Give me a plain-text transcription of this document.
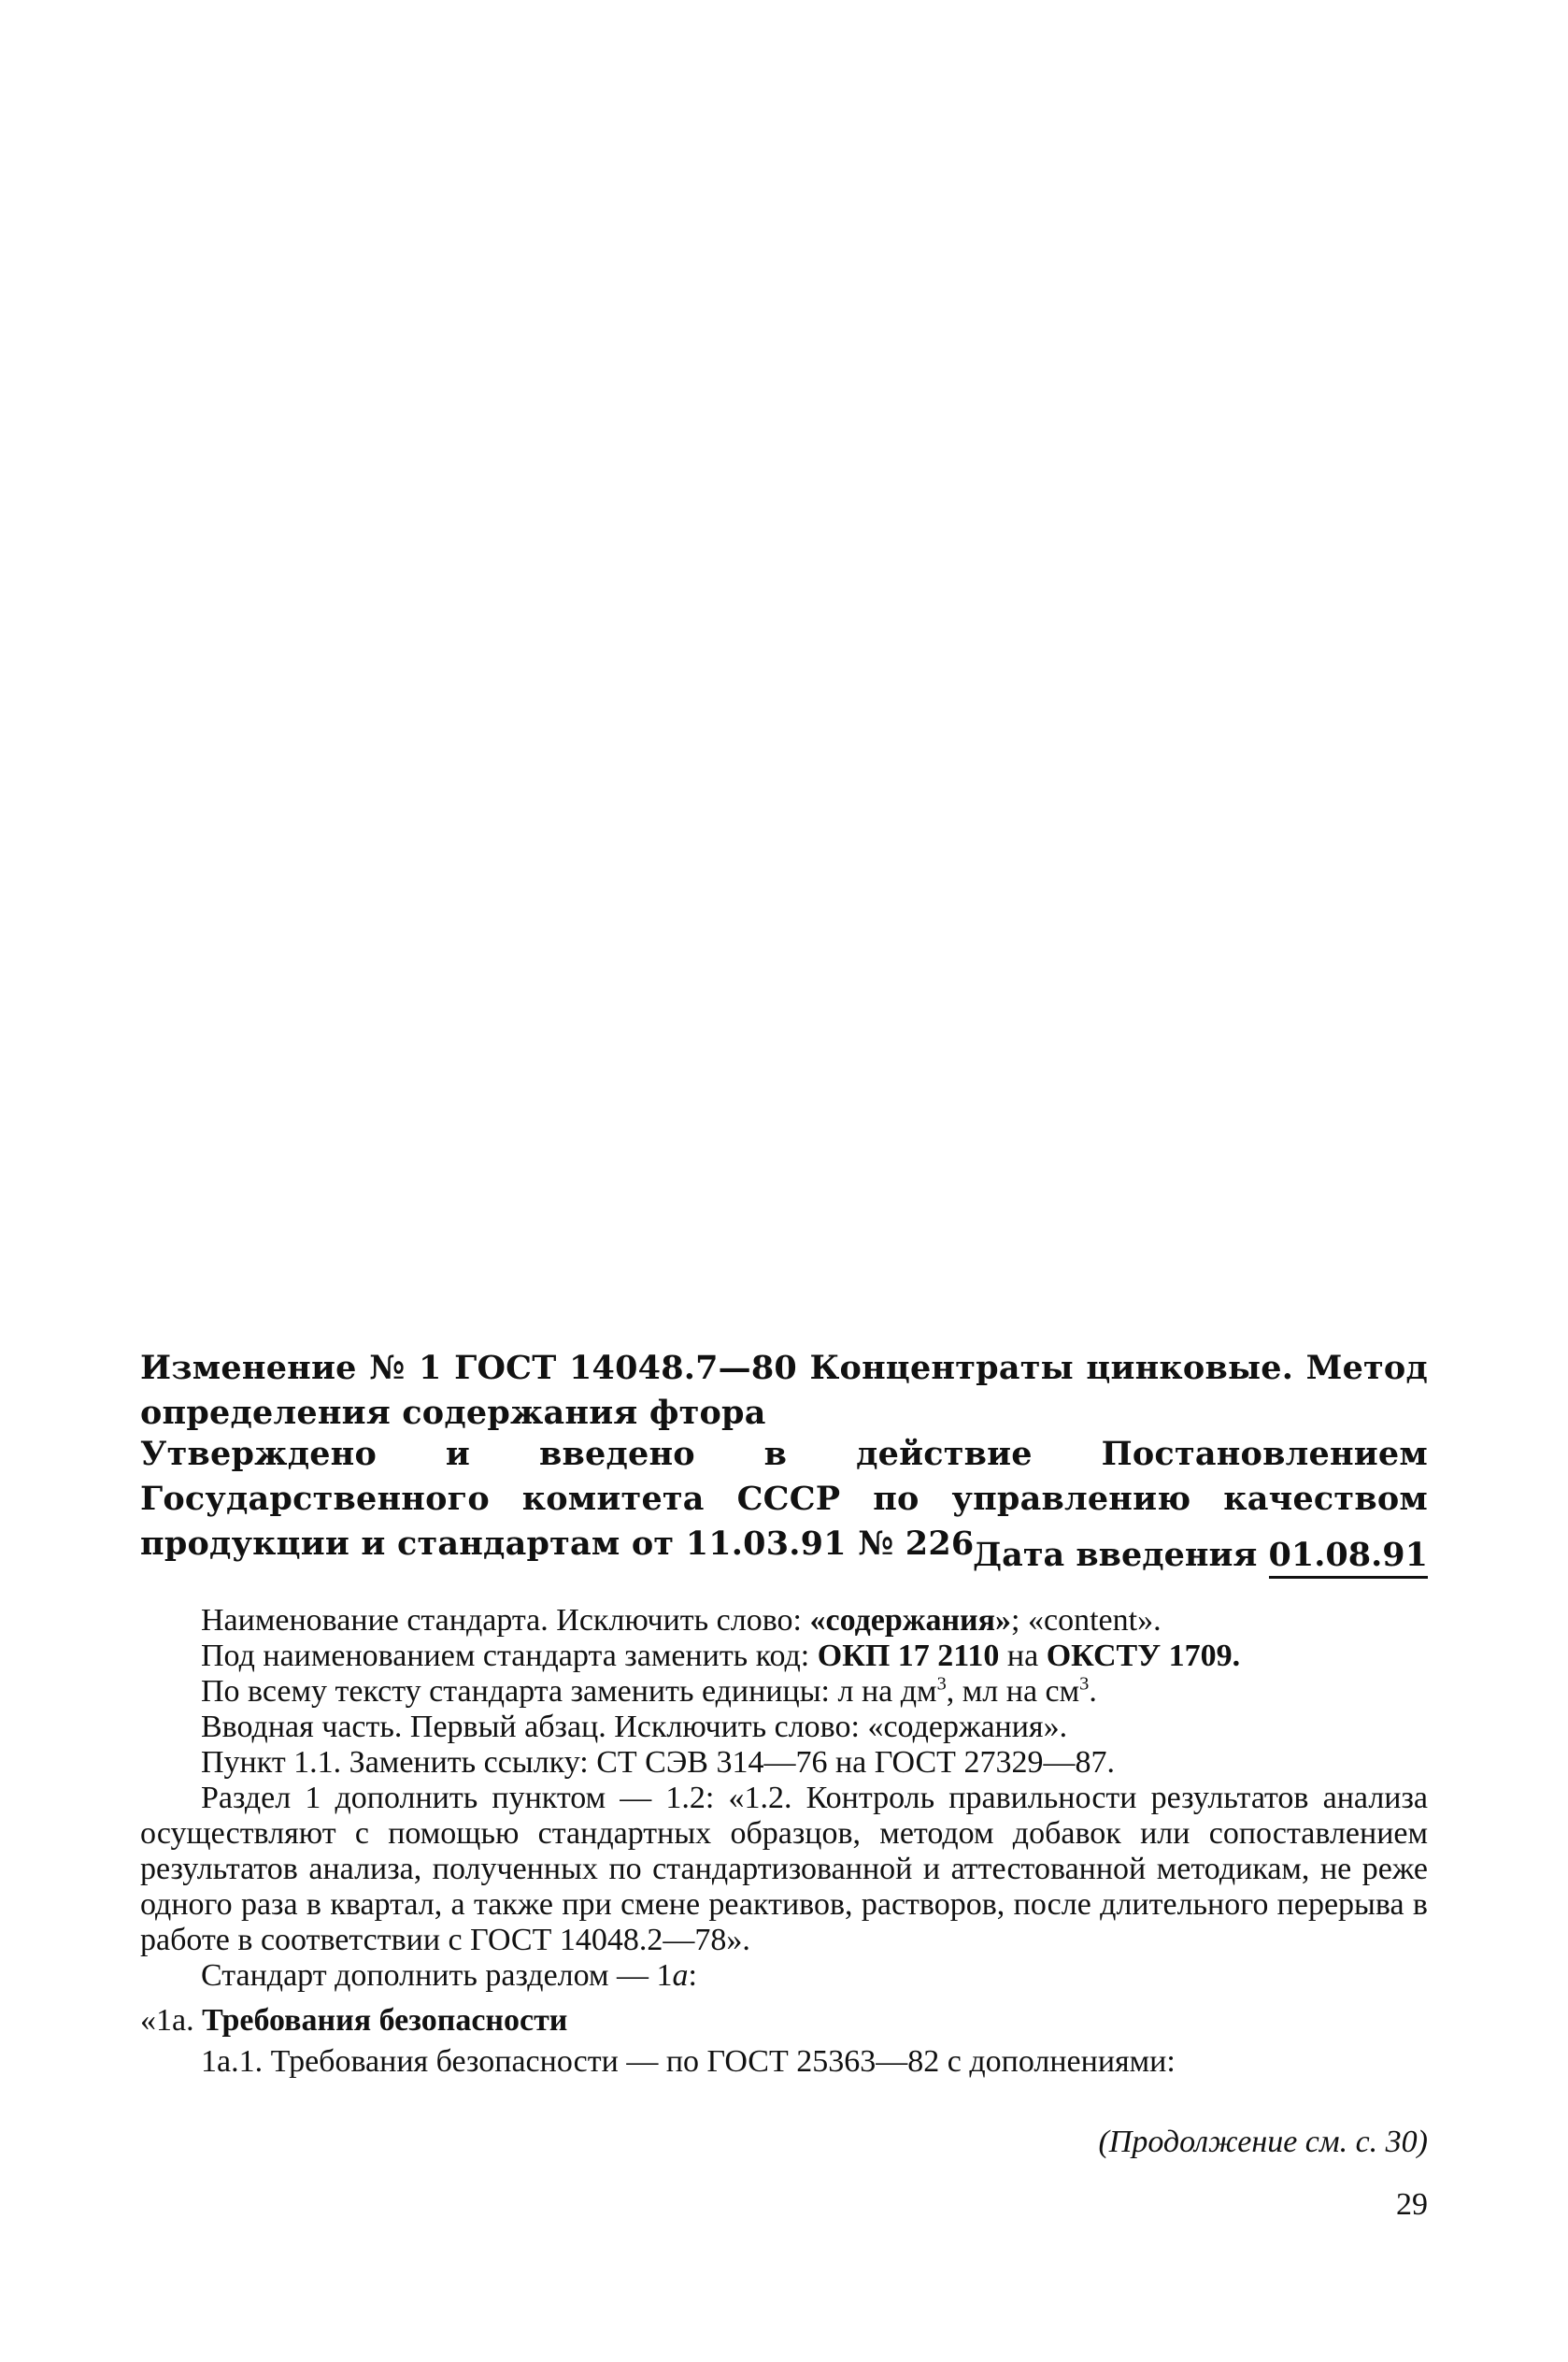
Изменение № 1 ГОСТ 14048.7—80 Концентраты цинковые. Метод определения содержания фтора
Утверждено и введено в действие Постановлением Государственного комитета СССР по управлению качеством продукции и стандартам от 11.03.91 № 226
Дата введения 01.08.91

Наименование стандарта. Исключить слово: «содержания»; «content».

Под наименованием стандарта заменить код: ОКП 17 2110 на ОКСТУ 1709.

По всему тексту стандарта заменить единицы: л на $дм^3$, мл на $см^3$.

Вводная часть. Первый абзац. Исключить слово: «содержания».

Пункт 1.1. Заменить ссылку: СТ СЭВ 314—76 на ГОСТ 27329—87.

Раздел 1 дополнить пунктом — 1.2: «1.2. Контроль правильности результатов анализа осуществляют с помощью стандартных образцов, методом добавок или сопоставлением результатов анализа, полученных по стандартизованной и аттестованной методикам, не реже одного раза в квартал, а также при смене реактивов, растворов, после длительного перерыва в работе в соответствии с ГОСТ 14048.2—78».

Стандарт дополнить разделом — 1а:

«1а. Требования безопасности

1а.1. Требования безопасности — по ГОСТ 25363—82 с дополнениями:

(Продолжение см. с. 30)
29
